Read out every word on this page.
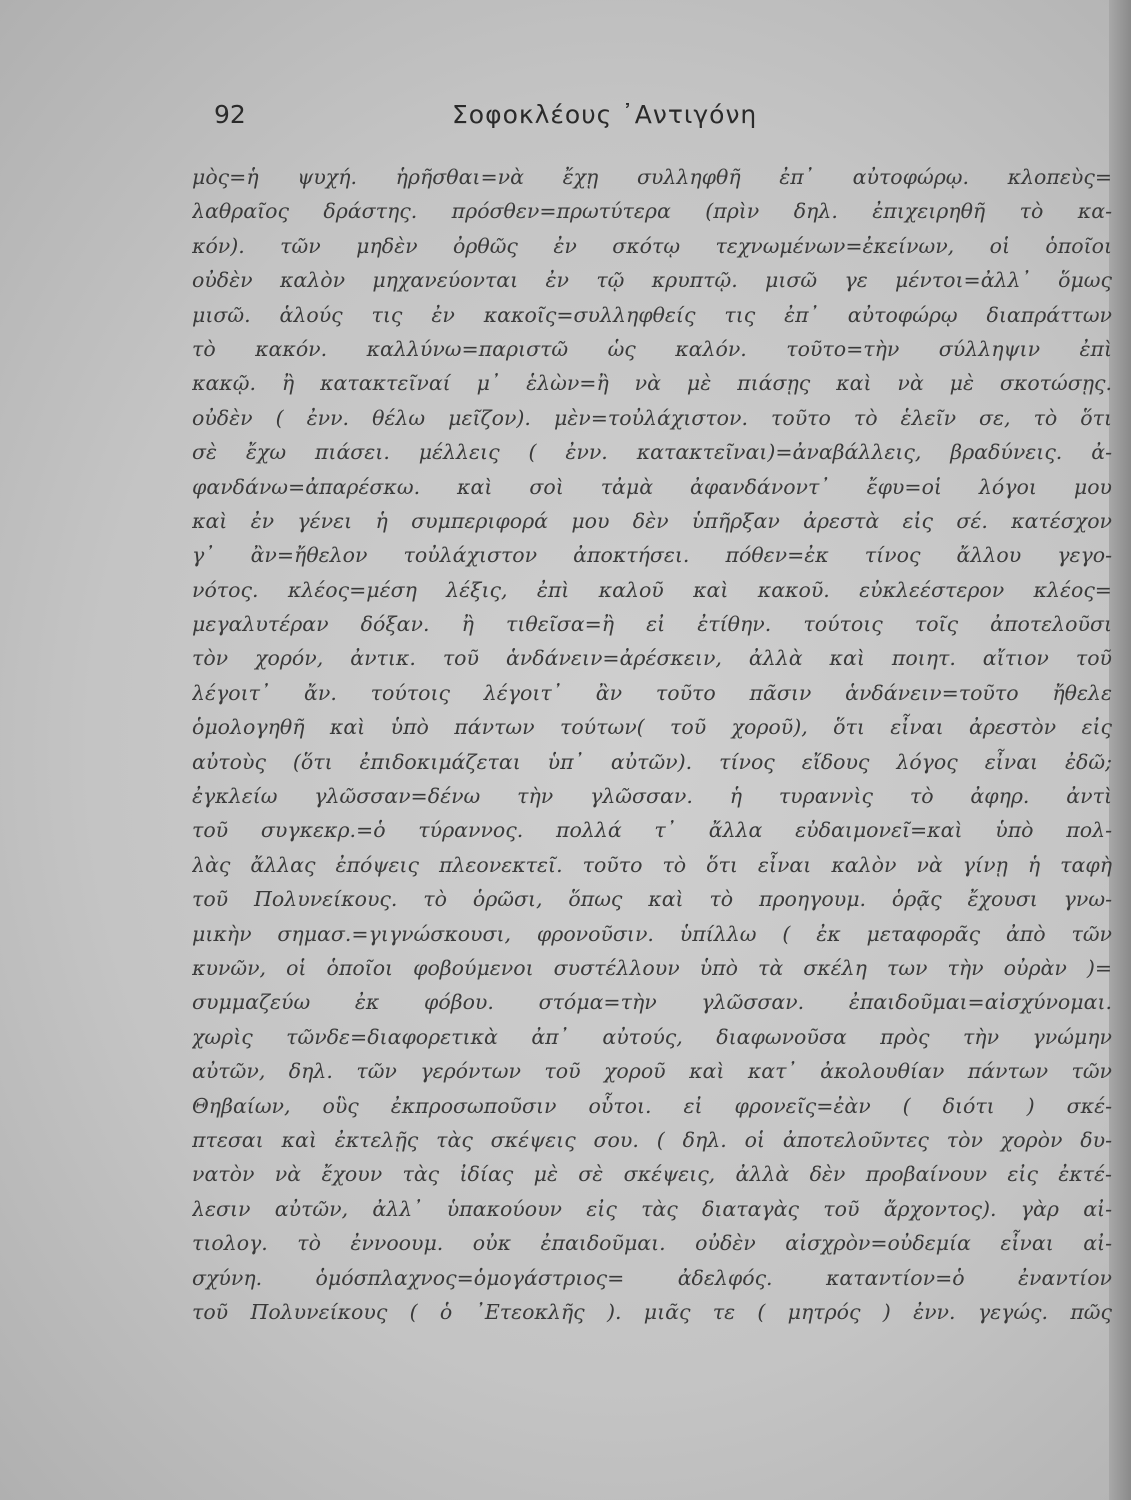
92	Σοφοκλέους ᾿Αντιγόνη
μὸς=ἡ ψυχή. ἡρῆσθαι=νὰ ἔχῃ συλληφθῆ ἐπ᾿ αὐτοφώρῳ. κλοπεὺς=
λαθραῖος δράστης. πρόσθεν=πρωτύτερα (πρὶν δηλ. ἐπιχειρηθῆ τὸ κα-
κόν). τῶν μηδὲν ὀρθῶς ἐν σκότῳ τεχνωμένων=ἐκείνων, οἱ ὁποῖοι
οὐδὲν καλὸν μηχανεύονται ἐν τῷ κρυπτῷ. μισῶ γε μέντοι=ἀλλ᾿ ὅμως
μισῶ. ἁλούς τις ἐν κακοῖς=συλληφθείς τις ἐπ᾿ αὐτοφώρῳ διαπράττων
τὸ κακόν. καλλύνω=παριστῶ ὡς καλόν. τοῦτο=τὴν σύλληψιν ἐπὶ
κακῷ. ἢ κατακτεῖναί μ᾿ ἑλὼν=ἢ νὰ μὲ πιάσῃς καὶ νὰ μὲ σκοτώσῃς.
οὐδὲν ( ἐνν. θέλω μεῖζον). μὲν=τοὐλάχιστον. τοῦτο τὸ ἑλεῖν σε, τὸ ὅτι
σὲ ἔχω πιάσει. μέλλεις ( ἐνν. κατακτεῖναι)=ἀναβάλλεις, βραδύνεις. ἀ-
φανδάνω=ἀπαρέσκω. καὶ σοὶ τἀμὰ ἀφανδάνοντ᾿ ἔφυ=οἱ λόγοι μου
καὶ ἐν γένει ἡ συμπεριφορά μου δὲν ὑπῆρξαν ἀρεστὰ εἰς σέ. κατέσχον
γ᾿ ἂν=ἤθελον τοὐλάχιστον ἀποκτήσει. πόθεν=ἐκ τίνος ἄλλου γεγο-
νότος. κλέος=μέση λέξις, ἐπὶ καλοῦ καὶ κακοῦ. εὐκλεέστερον κλέος=
μεγαλυτέραν δόξαν. ἢ τιθεῖσα=ἢ εἰ ἐτίθην. τούτοις τοῖς ἀποτελοῦσι
τὸν χορόν, ἀντικ. τοῦ ἁνδάνειν=ἀρέσκειν, ἀλλὰ καὶ ποιητ. αἴτιον τοῦ
λέγοιτ᾿ ἄν. τούτοις λέγοιτ᾿ ἂν τοῦτο πᾶσιν ἁνδάνειν=τοῦτο ἤθελε
ὁμολογηθῆ καὶ ὑπὸ πάντων τούτων( τοῦ χοροῦ), ὅτι εἶναι ἀρεστὸν εἰς
αὐτοὺς (ὅτι ἐπιδοκιμάζεται ὑπ᾿ αὐτῶν). τίνος εἴδους λόγος εἶναι ἐδῶ;
ἐγκλείω γλῶσσαν=δένω τὴν γλῶσσαν. ἡ τυραννὶς τὸ ἀφηρ. ἀντὶ
τοῦ συγκεκρ.=ὁ τύραννος. πολλά τ᾿ ἄλλα εὐδαιμονεῖ=καὶ ὑπὸ πολ-
λὰς ἄλλας ἐπόψεις πλεονεκτεῖ. τοῦτο τὸ ὅτι εἶναι καλὸν νὰ γίνῃ ἡ ταφὴ
τοῦ Πολυνείκους. τὸ ὁρῶσι, ὅπως καὶ τὸ προηγουμ. ὁρᾷς ἔχουσι γνω-
μικὴν σημασ.=γιγνώσκουσι, φρονοῦσιν. ὑπίλλω ( ἐκ μεταφορᾶς ἀπὸ τῶν
κυνῶν, οἱ ὁποῖοι φοβούμενοι συστέλλουν ὑπὸ τὰ σκέλη των τὴν οὐρὰν )=
συμμαζεύω ἐκ φόβου. στόμα=τὴν γλῶσσαν. ἐπαιδοῦμαι=αἰσχύνομαι.
χωρὶς τῶνδε=διαφορετικὰ ἀπ᾿ αὐτούς, διαφωνοῦσα πρὸς τὴν γνώμην
αὐτῶν, δηλ. τῶν γερόντων τοῦ χοροῦ καὶ κατ᾿ ἀκολουθίαν πάντων τῶν
Θηβαίων, οὓς ἐκπροσωποῦσιν οὗτοι. εἰ φρονεῖς=ἐὰν ( διότι ) σκέ-
πτεσαι καὶ ἐκτελῇς τὰς σκέψεις σου. ( δηλ. οἱ ἀποτελοῦντες τὸν χορὸν δυ-
νατὸν νὰ ἔχουν τὰς ἰδίας μὲ σὲ σκέψεις, ἀλλὰ δὲν προβαίνουν εἰς ἐκτέ-
λεσιν αὐτῶν, ἀλλ᾿ ὑπακούουν εἰς τὰς διαταγὰς τοῦ ἄρχοντος). γὰρ αἰ-
τιολογ. τὸ ἐννοουμ. οὐκ ἐπαιδοῦμαι. οὐδὲν αἰσχρὸν=οὐδεμία εἶναι αἰ-
σχύνη. ὁμόσπλαχνος=ὁμογάστριος= ἀδελφός. καταντίον=ὁ ἐναντίον
τοῦ Πολυνείκους ( ὁ ᾿Ετεοκλῆς ). μιᾶς τε ( μητρός ) ἐνν. γεγώς. πῶς
